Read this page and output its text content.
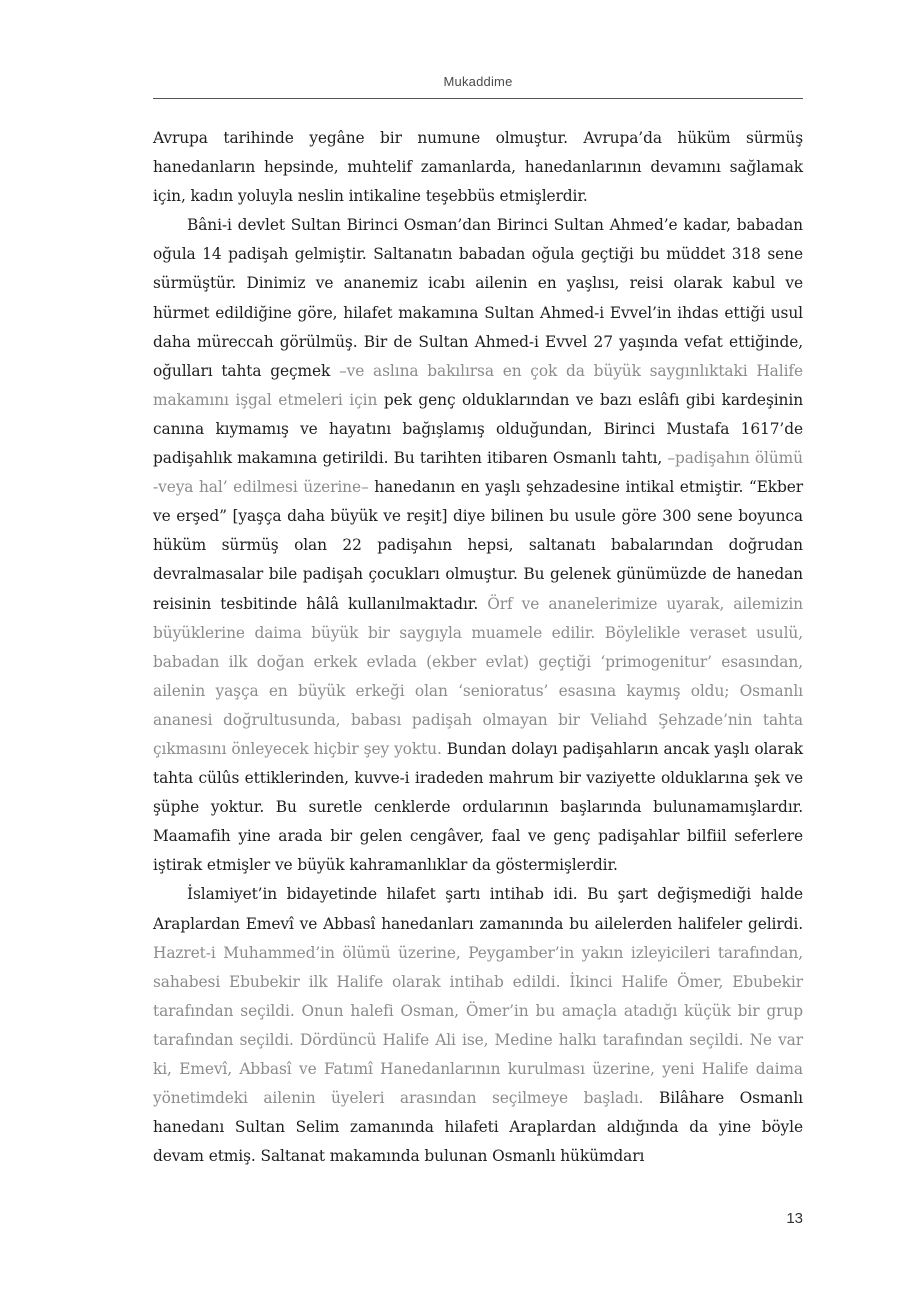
Mukaddime

Avrupa tarihinde yegâne bir numune olmuştur. Avrupa’da hüküm sürmüş hanedanların hepsinde, muhtelif zamanlarda, hanedanlarının devamını sağlamak için, kadın yoluyla neslin intikaline teşebbüs etmişlerdir.

Bâni-i devlet Sultan Birinci Osman’dan Birinci Sultan Ahmed’e kadar, babadan oğula 14 padişah gelmiştir. Saltanatın babadan oğula geçtiği bu müddet 318 sene sürmüştür. Dinimiz ve ananemiz icabı ailenin en yaşlısı, reisi olarak kabul ve hürmet edildiğine göre, hilafet makamına Sultan Ahmed-i Evvel’in ihdas ettiği usul daha müreccah görülmüş. Bir de Sultan Ahmed-i Evvel 27 yaşında vefat ettiğinde, oğulları tahta geçmek –ve aslına bakılırsa en çok da büyük saygınlıktaki Halife makamını işgal etmeleri için pek genç olduklarından ve bazı eslâfı gibi kardeşinin canına kıymamış ve hayatını bağışlamış olduğundan, Birinci Mustafa 1617’de padişahlık makamına getirildi. Bu tarihten itibaren Osmanlı tahtı, –padişahın ölümü -veya hal’ edilmesi üzerine– hanedanın en yaşlı şehzadesine intikal etmiştir. “Ekber ve erşed” [yaşça daha büyük ve reşit] diye bilinen bu usule göre 300 sene boyunca hüküm sürmüş olan 22 padişahın hepsi, saltanatı babalarından doğrudan devralmasalar bile padişah çocukları olmuştur. Bu gelenek günümüzde de hanedan reisinin tesbitinde hâlâ kullanılmaktadır. Örf ve ananelerimize uyarak, ailemizin büyüklerine daima büyük bir saygıyla muamele edilir. Böylelikle veraset usulü, babadan ilk doğan erkek evlada (ekber evlat) geçtiği ‘primogenitur’ esasından, ailenin yaşça en büyük erkeği olan ‘senioratus’ esasına kaymış oldu; Osmanlı ananesi doğrultusunda, babası padişah olmayan bir Veliahd Şehzade’nin tahta çıkmasını önleyecek hiçbir şey yoktu. Bundan dolayı padişahların ancak yaşlı olarak tahta cülûs ettiklerinden, kuvve-i iradeden mahrum bir vaziyette olduklarına şek ve şüphe yoktur. Bu suretle cenklerde ordularının başlarında bulunamamışlardır. Maamafih yine arada bir gelen cengâver, faal ve genç padişahlar bilfiil seferlere iştirak etmişler ve büyük kahramanlıklar da göstermişlerdir.

İslamiyet’in bidayetinde hilafet şartı intihab idi. Bu şart değişmediği halde Araplardan Emevî ve Abbasî hanedanları zamanında bu ailelerden halifeler gelirdi. Hazret-i Muhammed’in ölümü üzerine, Peygamber’in yakın izleyicileri tarafından, sahabesi Ebubekir ilk Halife olarak intihab edildi. İkinci Halife Ömer, Ebubekir tarafından seçildi. Onun halefi Osman, Ömer’in bu amaçla atadığı küçük bir grup tarafından seçildi. Dördüncü Halife Ali ise, Medine halkı tarafından seçildi. Ne var ki, Emevî, Abbasî ve Fatımî Hanedanlarının kurulması üzerine, yeni Halife daima yönetimdeki ailenin üyeleri arasından seçilmeye başladı. Bilâhare Osmanlı hanedanı Sultan Selim zamanında hilafeti Araplardan aldığında da yine böyle devam etmiş. Saltanat makamında bulunan Osmanlı hükümdarı

13
